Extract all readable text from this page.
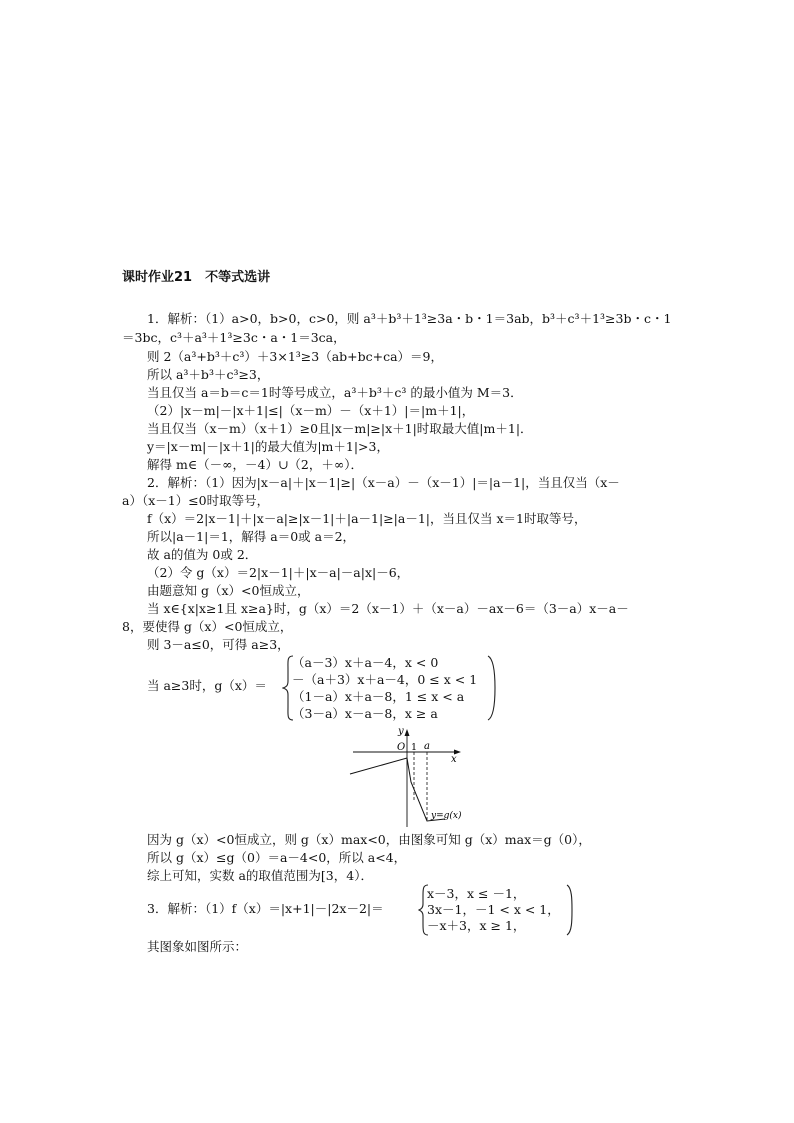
课时作业21　不等式选讲
1．解析：（1）a>0，b>0，c>0，则 a³＋b³＋1³≥3a・b・1＝3ab，b³＋c³＋1³≥3b・c・1
＝3bc，c³＋a³＋1³≥3c・a・1＝3ca，
则 2（a³+b³＋c³）＋3×1³≥3（ab+bc+ca）＝9，
所以 a³＋b³＋c³≥3，
当且仅当 a＝b＝c＝1时等号成立，a³＋b³＋c³ 的最小值为 M＝3．
（2）|x－m|－|x＋1|≤|（x－m）－（x＋1）|＝|m＋1|，
当且仅当（x－m）（x＋1）≥0且|x－m|≥|x＋1|时取最大值|m＋1|．
y＝|x－m|－|x＋1|的最大值为|m＋1|>3，
解得 m∈（－∞，－4）∪（2，＋∞）．
2．解析：（1）因为|x－a|＋|x－1|≥|（x－a）－（x－1）|＝|a－1|，当且仅当（x－
a）（x－1）≤0时取等号，
f（x）＝2|x－1|＋|x－a|≥|x－1|＋|a－1|≥|a－1|，当且仅当 x＝1时取等号，
所以|a－1|＝1，解得 a＝0或 a＝2，
故 a的值为 0或 2．
（2）令 g（x）＝2|x－1|＋|x－a|－a|x|－6，
由题意知 g（x）<0恒成立，
当 x∈{x|x≥1且 x≥a}时，g（x）＝2（x－1）＋（x－a）－ax－6＝（3－a）x－a－
8，要使得 g（x）<0恒成立，
则 3－a≤0，可得 a≥3，
当 a≥3时，g（x）＝
（a－3）x＋a－4，x < 0
－（a＋3）x＋a－4，0 ≤ x < 1
（1－a）x＋a－8，1 ≤ x < a
（3－a）x－a－8，x ≥ a
y
O 1 a
x
y=g(x)
因为 g（x）<0恒成立，则 g（x）max<0，由图象可知 g（x）max＝g（0），
所以 g（x）≤g（0）＝a－4<0，所以 a<4，
综上可知，实数 a的取值范围为[3，4）．
3．解析：（1）f（x）＝|x+1|－|2x－2|＝
x－3，x ≤ －1，
3x－1，－1 < x < 1，
－x＋3，x ≥ 1，
其图象如图所示：
